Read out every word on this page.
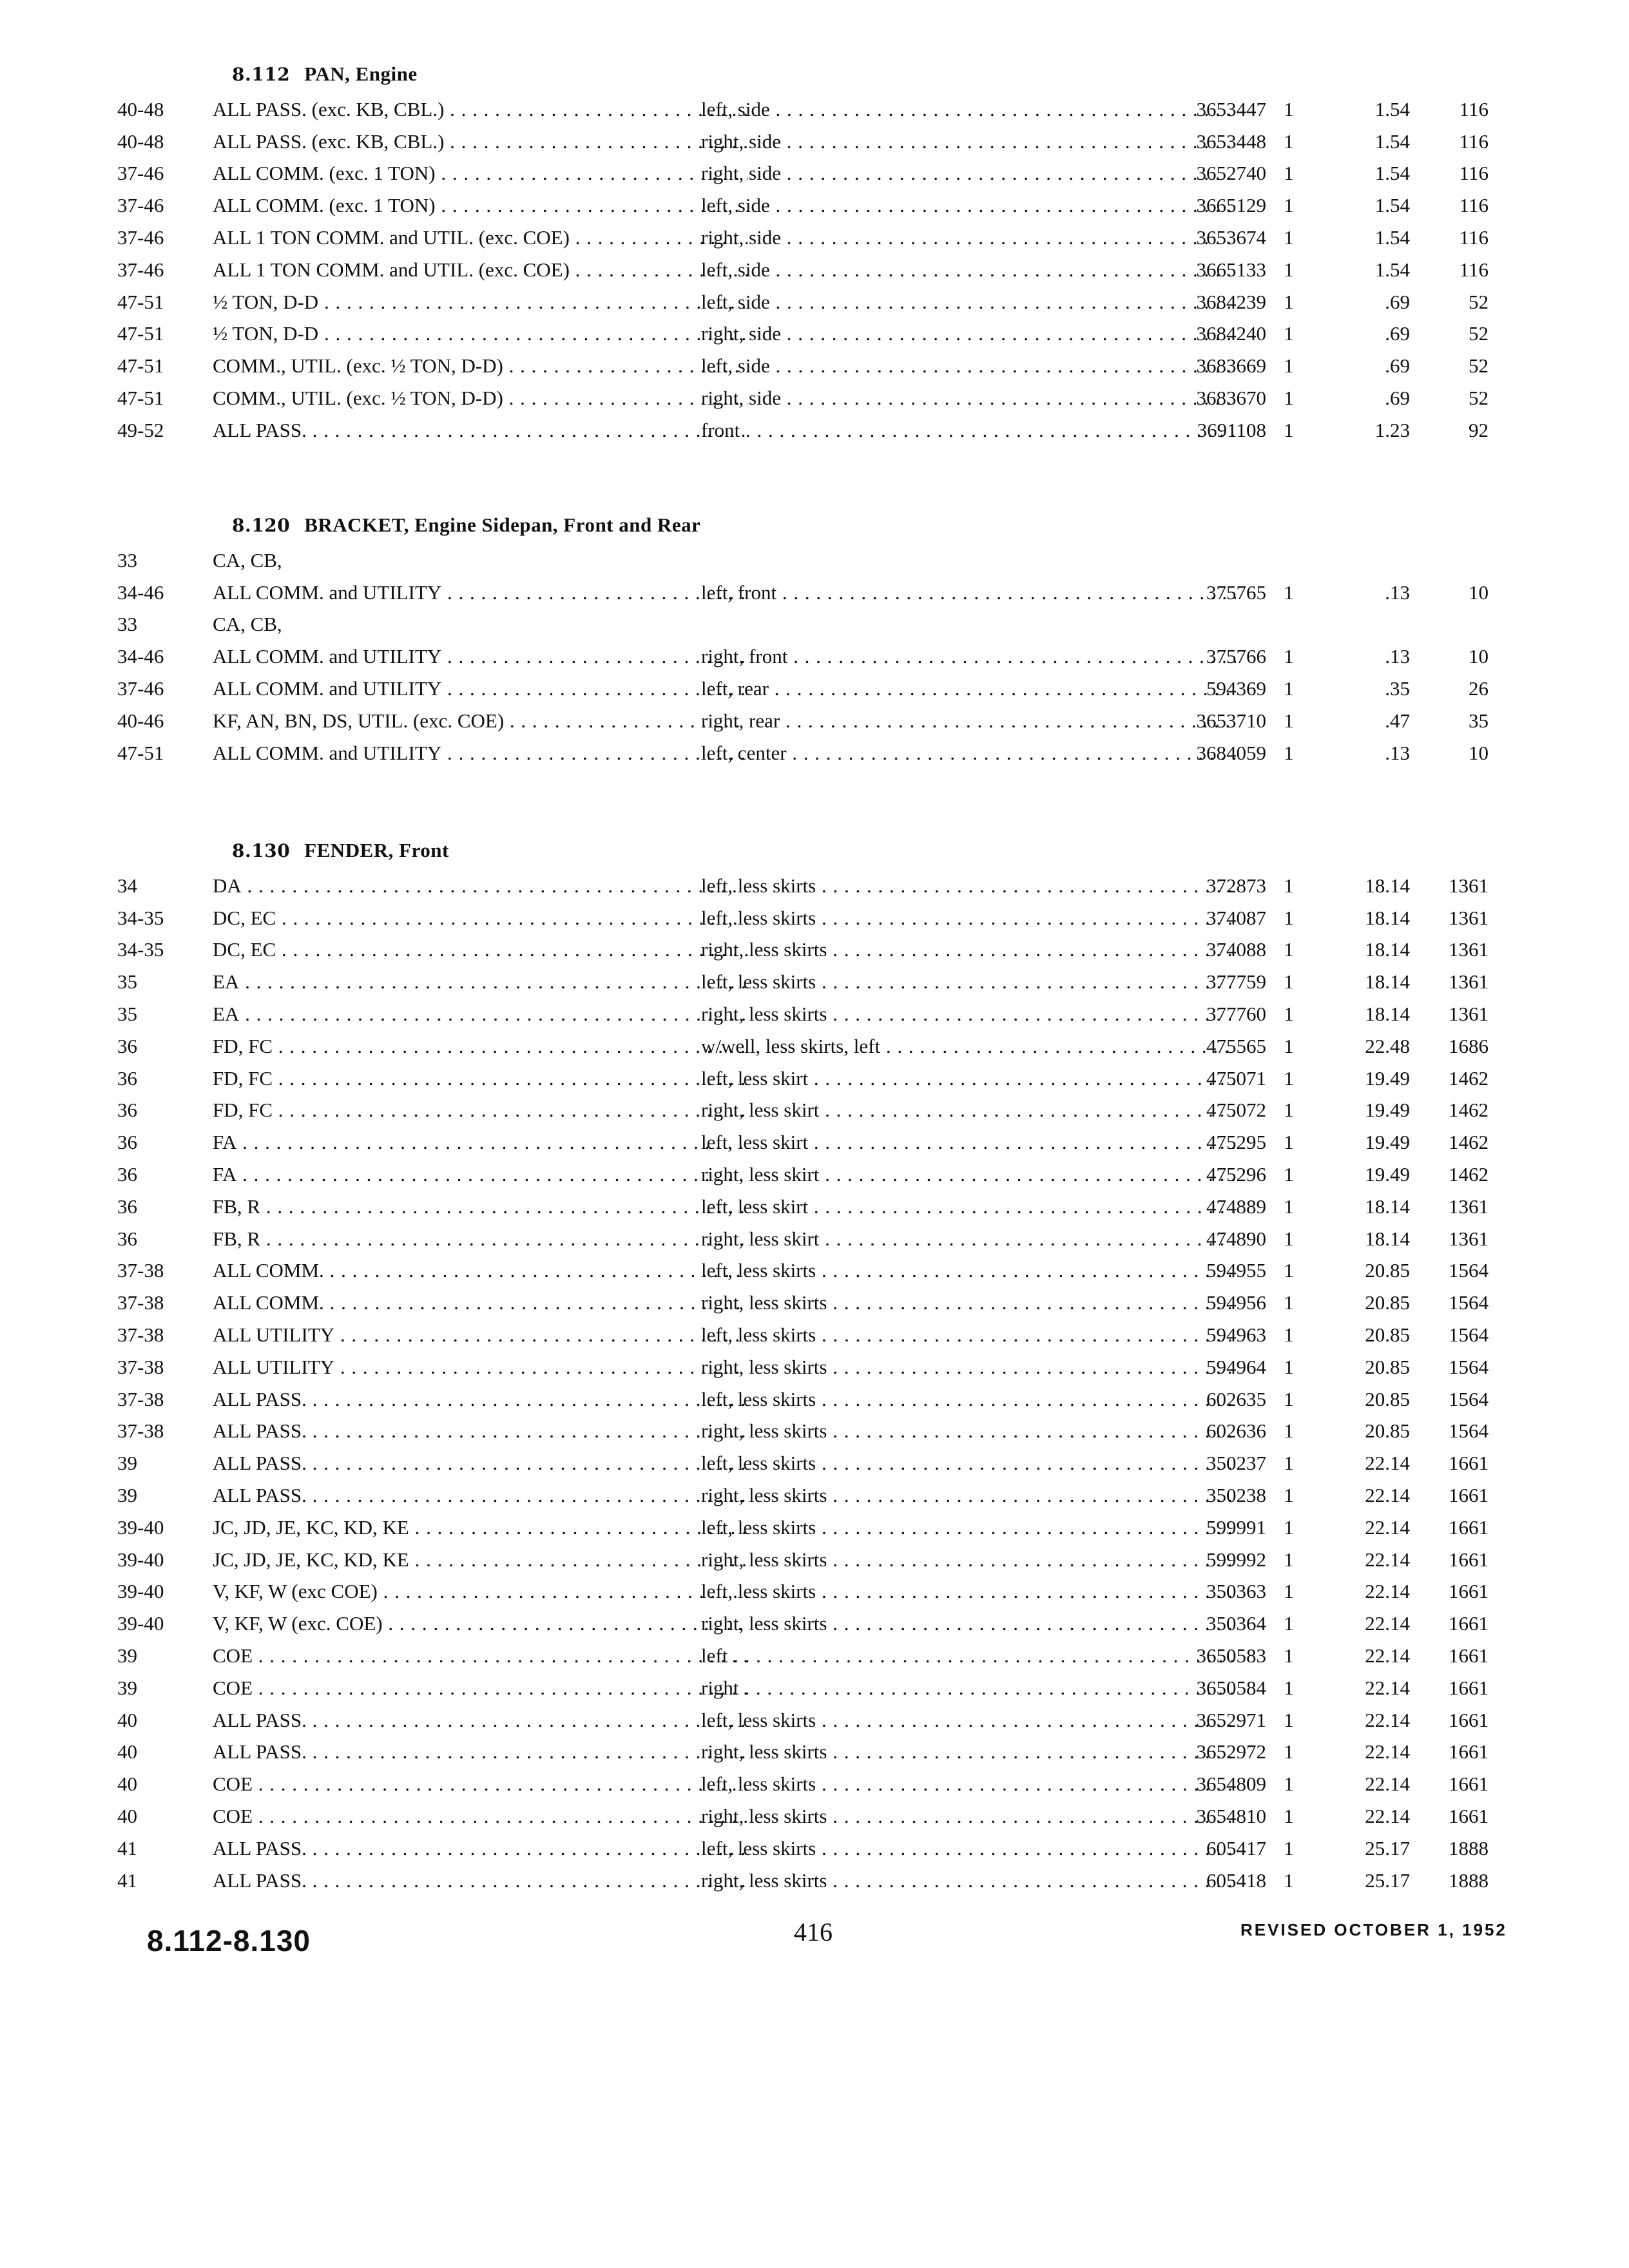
8.112 PAN, Engine
40-48	ALL PASS. (exc. KB, CBL.) . . .	left, side . . .	3653447 1	1.54	116
40-48	ALL PASS. (exc. KB, CBL.) . . .	right, side . . .	3653448 1	1.54	116
37-46	ALL COMM. (exc. 1 TON) . . .	right, side . . .	3652740 1	1.54	116
37-46	ALL COMM. (exc. 1 TON) . . .	left, side . . .	3665129 1	1.54	116
37-46	ALL 1 TON COMM. and UTIL. (exc. COE) . . .	right, side . . .	3653674 1	1.54	116
37-46	ALL 1 TON COMM. and UTIL. (exc. COE) . . .	left, side . . .	3665133 1	1.54	116
47-51	½ TON, D-D . . .	left, side . . .	3684239 1	.69	52
47-51	½ TON, D-D . . .	right, side . . .	3684240 1	.69	52
47-51	COMM., UTIL. (exc. ½ TON, D-D) . . .	left, side . . .	3683669 1	.69	52
47-51	COMM., UTIL. (exc. ½ TON, D-D) . . .	right, side . . .	3683670 1	.69	52
49-52	ALL PASS. . . .	front . . .	3691108 1	1.23	92
8.120 BRACKET, Engine Sidepan, Front and Rear
33	CA, CB,
34-46	ALL COMM. and UTILITY . . .	left, front . . .	375765 1	.13	10
33	CA, CB,
34-46	ALL COMM. and UTILITY . . .	right, front . . .	375766 1	.13	10
37-46	ALL COMM. and UTILITY . . .	left, rear . . .	594369 1	.35	26
40-46	KF, AN, BN, DS, UTIL. (exc. COE) . . .	right, rear . . .	3653710 1	.47	35
47-51	ALL COMM. and UTILITY . . .	left, center . . .	3684059 1	.13	10
8.130 FENDER, Front
34	DA . . .	left, less skirts . . .	372873 1	18.14	1361
34-35	DC, EC . . .	left, less skirts . . .	374087 1	18.14	1361
34-35	DC, EC . . .	right, less skirts . . .	374088 1	18.14	1361
35	EA . . .	left, less skirts . . .	377759 1	18.14	1361
35	EA . . .	right, less skirts . . .	377760 1	18.14	1361
36	FD, FC . . .	w/well, less skirts, left . . .	475565 1	22.48	1686
36	FD, FC . . .	left, less skirt . . .	475071 1	19.49	1462
36	FD, FC . . .	right, less skirt . . .	475072 1	19.49	1462
36	FA . . .	left, less skirt . . .	475295 1	19.49	1462
36	FA . . .	right, less skirt . . .	475296 1	19.49	1462
36	FB, R . . .	left, less skirt . . .	474889 1	18.14	1361
36	FB, R . . .	right, less skirt . . .	474890 1	18.14	1361
37-38	ALL COMM. . . .	left, less skirts . . .	594955 1	20.85	1564
37-38	ALL COMM. . . .	right, less skirts . . .	594956 1	20.85	1564
37-38	ALL UTILITY . . .	left, less skirts . . .	594963 1	20.85	1564
37-38	ALL UTILITY . . .	right, less skirts . . .	594964 1	20.85	1564
37-38	ALL PASS. . . .	left, less skirts . . .	602635 1	20.85	1564
37-38	ALL PASS. . . .	right, less skirts . . .	602636 1	20.85	1564
39	ALL PASS. . . .	left, less skirts . . .	350237 1	22.14	1661
39	ALL PASS. . . .	right, less skirts . . .	350238 1	22.14	1661
39-40	JC, JD, JE, KC, KD, KE . . .	left, less skirts . . .	599991 1	22.14	1661
39-40	JC, JD, JE, KC, KD, KE . . .	right, less skirts . . .	599992 1	22.14	1661
39-40	V, KF, W (exc COE) . . .	left, less skirts . . .	350363 1	22.14	1661
39-40	V, KF, W (exc. COE) . . .	right, less skirts . . .	350364 1	22.14	1661
39	COE . . .	left . . .	3650583 1	22.14	1661
39	COE . . .	right . . .	3650584 1	22.14	1661
40	ALL PASS. . . .	left, less skirts . . .	3652971 1	22.14	1661
40	ALL PASS. . . .	right, less skirts . . .	3652972 1	22.14	1661
40	COE . . .	left, less skirts . . .	3654809 1	22.14	1661
40	COE . . .	right, less skirts . . .	3654810 1	22.14	1661
41	ALL PASS. . . .	left, less skirts . . .	605417 1	25.17	1888
41	ALL PASS. . . .	right, less skirts . . .	605418 1	25.17	1888
8.112-8.130	416	REVISED OCTOBER 1, 1952
